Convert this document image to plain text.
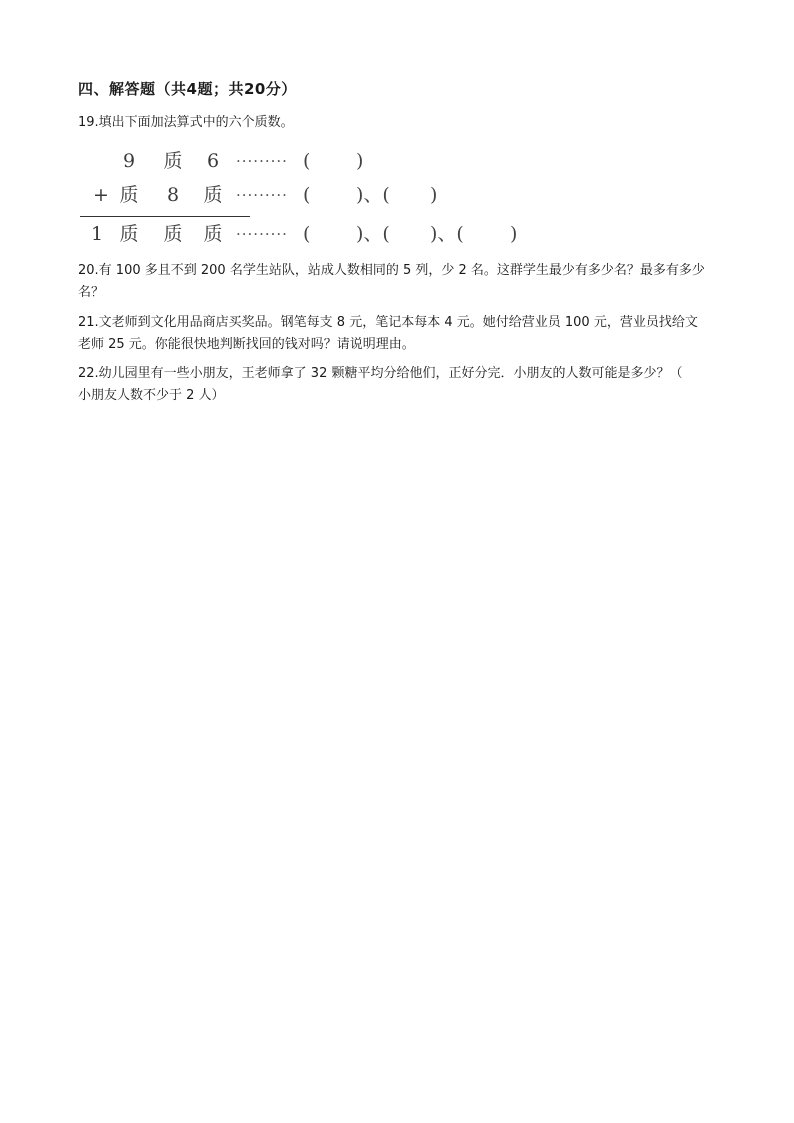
四、解答题（共4题；共20分）
19.填出下面加法算式中的六个质数。
9	质	6	········· ( )
+ 质	8	质 ········· ( )、( )
1 质 质 质 ········· ( )、( )、( )
20.有 100 多且不到 200 名学生站队，站成人数相同的 5 列，少 2 名。这群学生最少有多少名？最多有多少
名？
21.文老师到文化用品商店买奖品。钢笔每支 8 元，笔记本每本 4 元。她付给营业员 100 元，营业员找给文
老师 25 元。你能很快地判断找回的钱对吗？请说明理由。
22.幼儿园里有一些小朋友，王老师拿了 32 颗糖平均分给他们，正好分完．小朋友的人数可能是多少？（
小朋友人数不少于 2 人）
